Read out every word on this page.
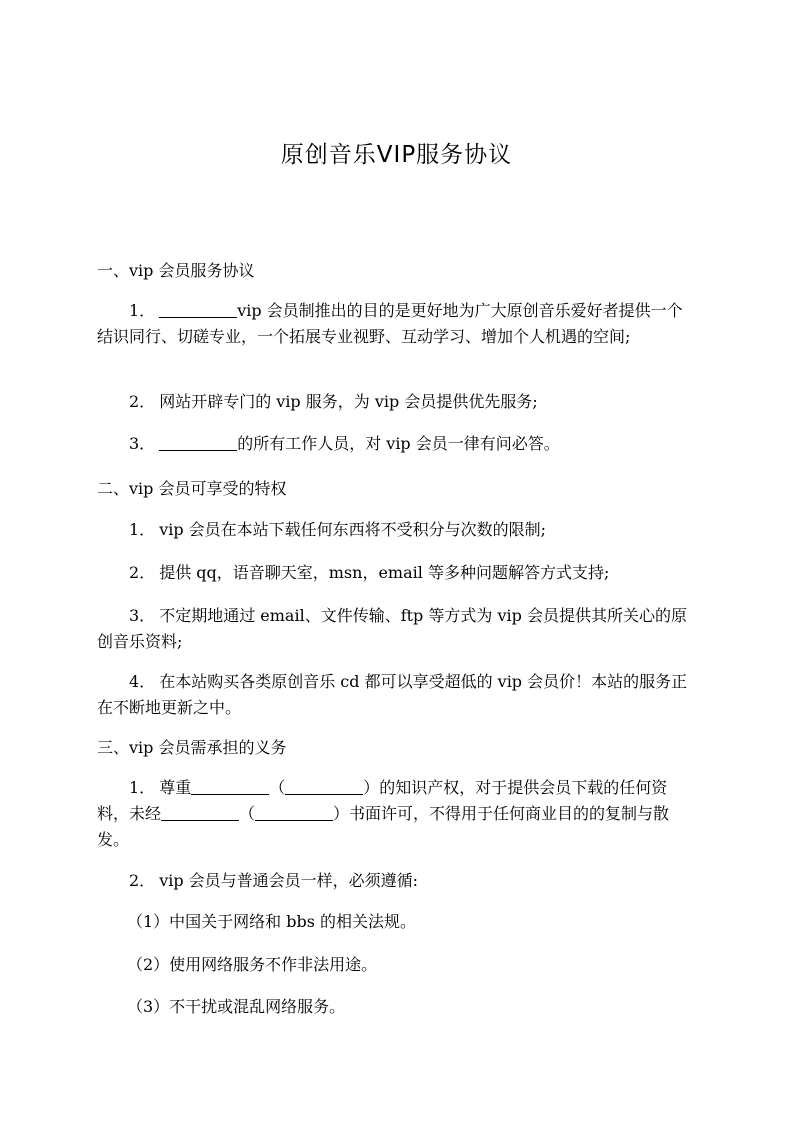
原创音乐VIP服务协议

一、vip 会员服务协议

1．	vip 会员制推出的目的是更好地为广大原创音乐爱好者提供一个结识同行、切磋专业，一个拓展专业视野、互动学习、增加个人机遇的空间;

2． 网站开辟专门的 vip 服务，为 vip 会员提供优先服务;

3．	的所有工作人员，对 vip 会员一律有问必答。

二、vip 会员可享受的特权

1． vip 会员在本站下载任何东西将不受积分与次数的限制;

2． 提供 qq，语音聊天室，msn，email 等多种问题解答方式支持;

3． 不定期地通过 email、文件传输、ftp 等方式为 vip 会员提供其所关心的原创音乐资料;

4． 在本站购买各类原创音乐 cd 都可以享受超低的 vip 会员价！本站的服务正在不断地更新之中。

三、vip 会员需承担的义务

1． 尊重	（	）的知识产权，对于提供会员下载的任何资料，未经	（	）书面许可，不得用于任何商业目的的复制与散发。

2． vip 会员与普通会员一样，必须遵循:

（1）中国关于网络和 bbs 的相关法规。

（2）使用网络服务不作非法用途。

（3）不干扰或混乱网络服务。
